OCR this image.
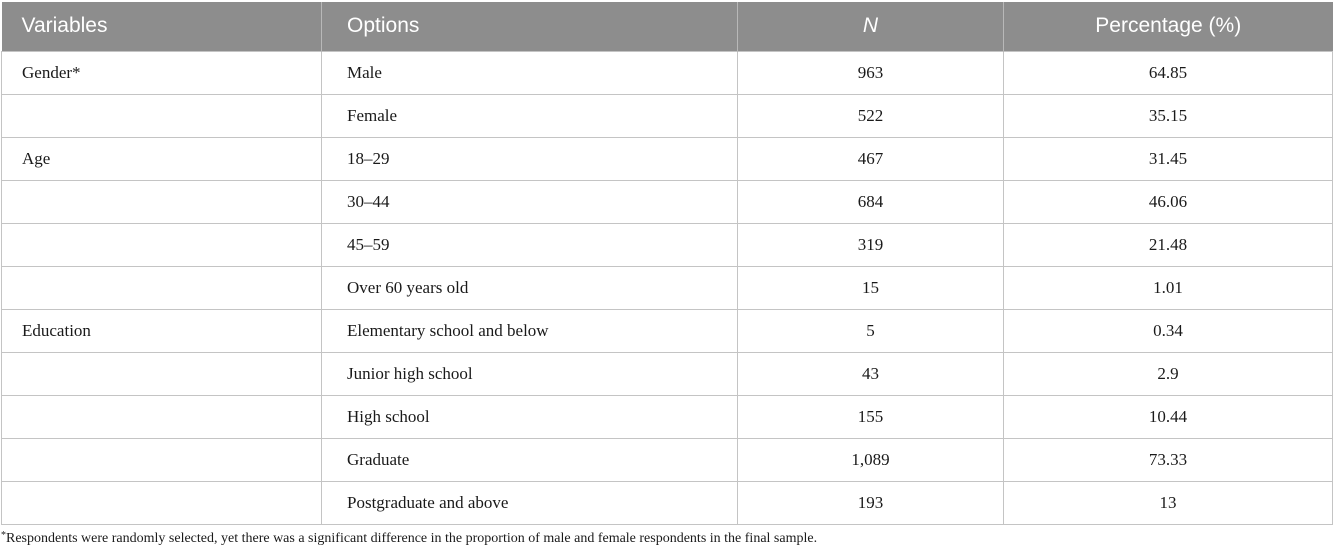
Variables	Options	N	Percentage (%)
Gender*	Male	963	64.85
	Female	522	35.15
Age	18–29	467	31.45
	30–44	684	46.06
	45–59	319	21.48
	Over 60 years old	15	1.01
Education	Elementary school and below	5	0.34
	Junior high school	43	2.9
	High school	155	10.44
	Graduate	1,089	73.33
	Postgraduate and above	193	13
*Respondents were randomly selected, yet there was a significant difference in the proportion of male and female respondents in the final sample.
